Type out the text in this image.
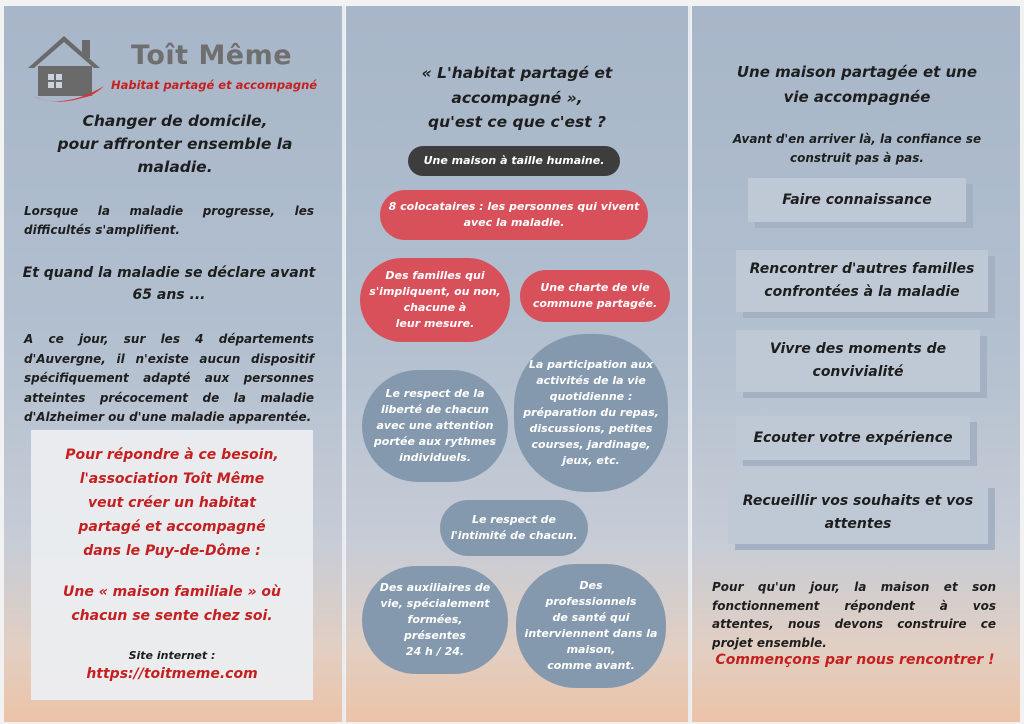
Toît Même
Habitat partagé et accompagné
Changer de domicile,
pour affronter ensemble la
maladie.
Lorsque la maladie progresse, les difficultés s'amplifient.
Et quand la maladie se déclare avant
65 ans ...
A ce jour, sur les 4 départements d'Auvergne, il n'existe aucun dispositif spécifiquement adapté aux personnes atteintes précocement de la maladie d'Alzheimer ou d'une maladie apparentée.
Pour répondre à ce besoin,
l'association Toît Même
veut créer un habitat
partagé et accompagné
dans le Puy-de-Dôme :
Une « maison familiale » où
chacun se sente chez soi.
Site internet :
https://toitmeme.com
« L'habitat partagé et
accompagné »,
qu'est ce que c'est ?
Une maison à taille humaine.
8 colocataires : les personnes qui vivent
avec la maladie.
Des familles qui
s'impliquent, ou non,
chacune à
leur mesure.
Une charte de vie
commune partagée.
Le respect de la
liberté de chacun
avec une attention
portée aux rythmes
individuels.
La participation aux
activités de la vie
quotidienne :
préparation du repas,
discussions, petites
courses, jardinage,
jeux, etc.
Le respect de
l'intimité de chacun.
Des auxiliaires de
vie, spécialement
formées,
présentes
24 h / 24.
Des
professionnels
de santé qui
interviennent dans la
maison,
comme avant.
Une maison partagée et une
vie accompagnée
Avant d'en arriver là, la confiance se
construit pas à pas.
Faire connaissance
Rencontrer d'autres familles
confrontées à la maladie
Vivre des moments de
convivialité
Ecouter votre expérience
Recueillir vos souhaits et vos
attentes
Pour qu'un jour, la maison et son fonctionnement répondent à vos attentes, nous devons construire ce projet ensemble.
Commençons par nous rencontrer !
